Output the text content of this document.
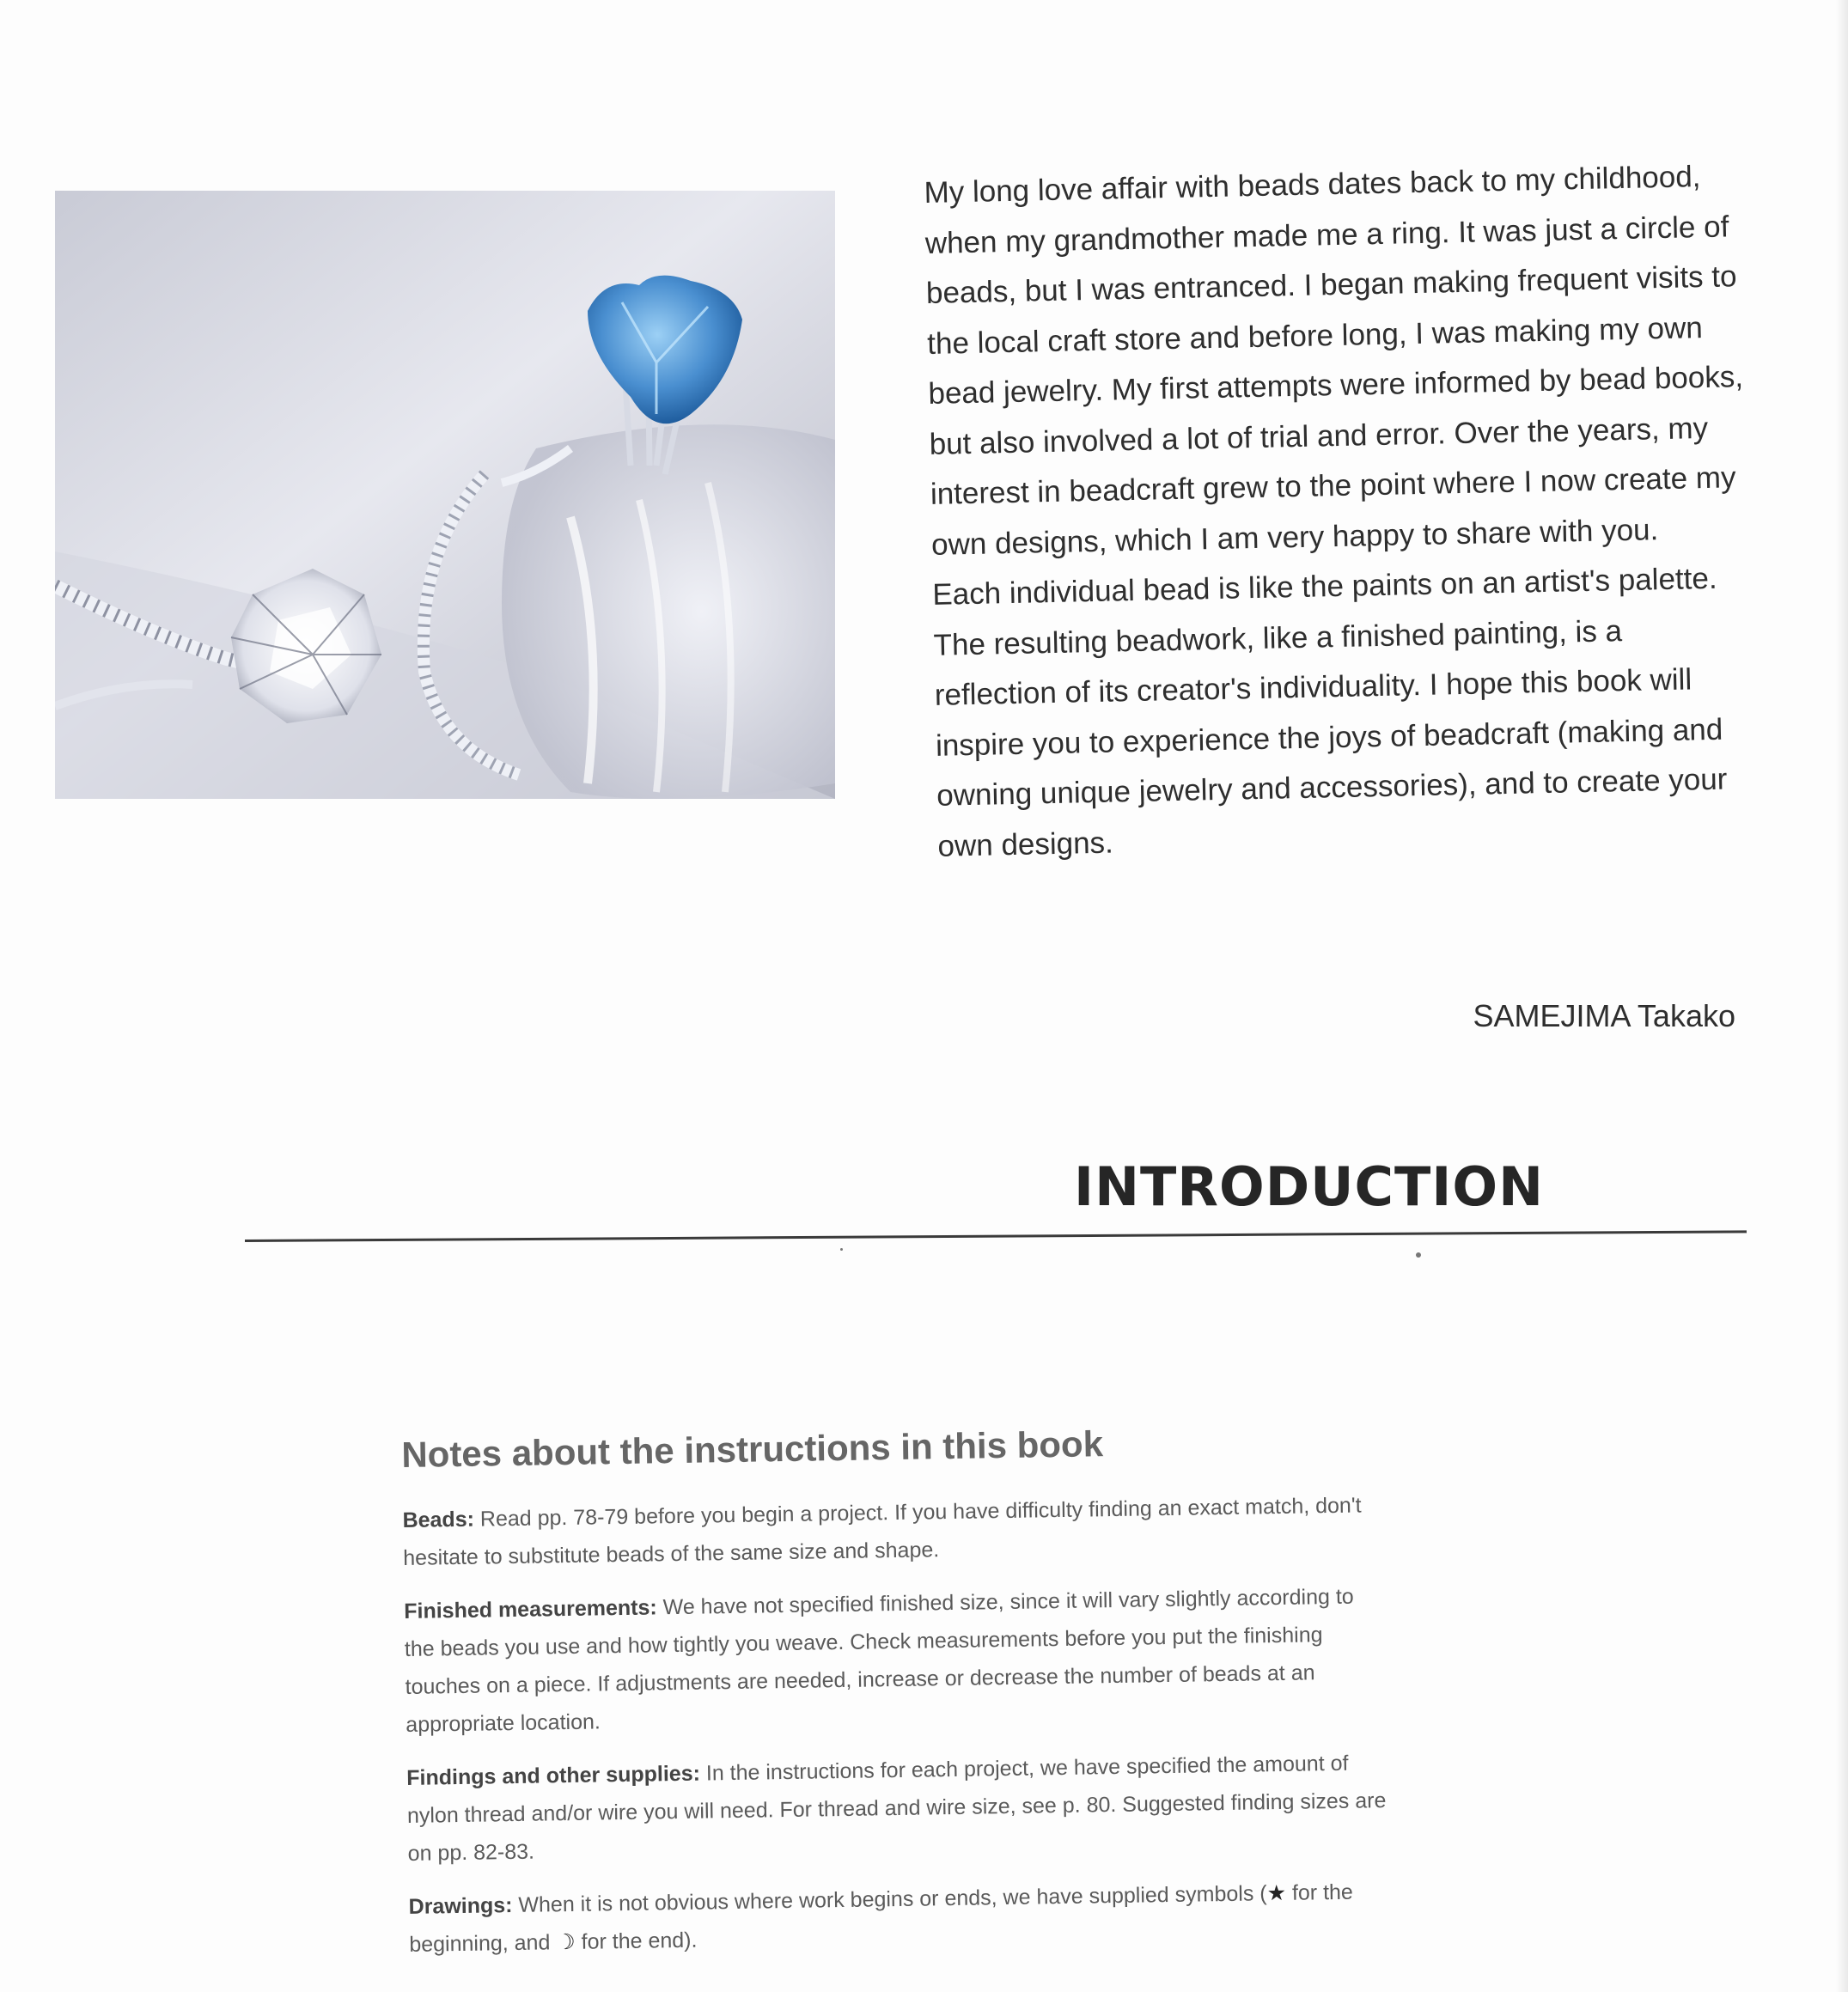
My long love affair with beads dates back to my childhood, when my grandmother made me a ring. It was just a circle of beads, but I was entranced. I began making frequent visits to the local craft store and before long, I was making my own bead jewelry. My first attempts were informed by bead books, but also involved a lot of trial and error. Over the years, my interest in beadcraft grew to the point where I now create my own designs, which I am very happy to share with you.

Each individual bead is like the paints on an artist's palette. The resulting beadwork, like a finished painting, is a reflection of its creator's individuality. I hope this book will inspire you to experience the joys of beadcraft (making and owning unique jewelry and accessories), and to create your own designs.

SAMEJIMA Takako
INTRODUCTION
Notes about the instructions in this book

Beads: Read pp. 78-79 before you begin a project. If you have difficulty finding an exact match, don't hesitate to substitute beads of the same size and shape.

Finished measurements: We have not specified finished size, since it will vary slightly according to the beads you use and how tightly you weave. Check measurements before you put the finishing touches on a piece. If adjustments are needed, increase or decrease the number of beads at an appropriate location.

Findings and other supplies: In the instructions for each project, we have specified the amount of nylon thread and/or wire you will need. For thread and wire size, see p. 80. Suggested finding sizes are on pp. 82-83.

Drawings: When it is not obvious where work begins or ends, we have supplied symbols (★ for the beginning, and ☽ for the end).
